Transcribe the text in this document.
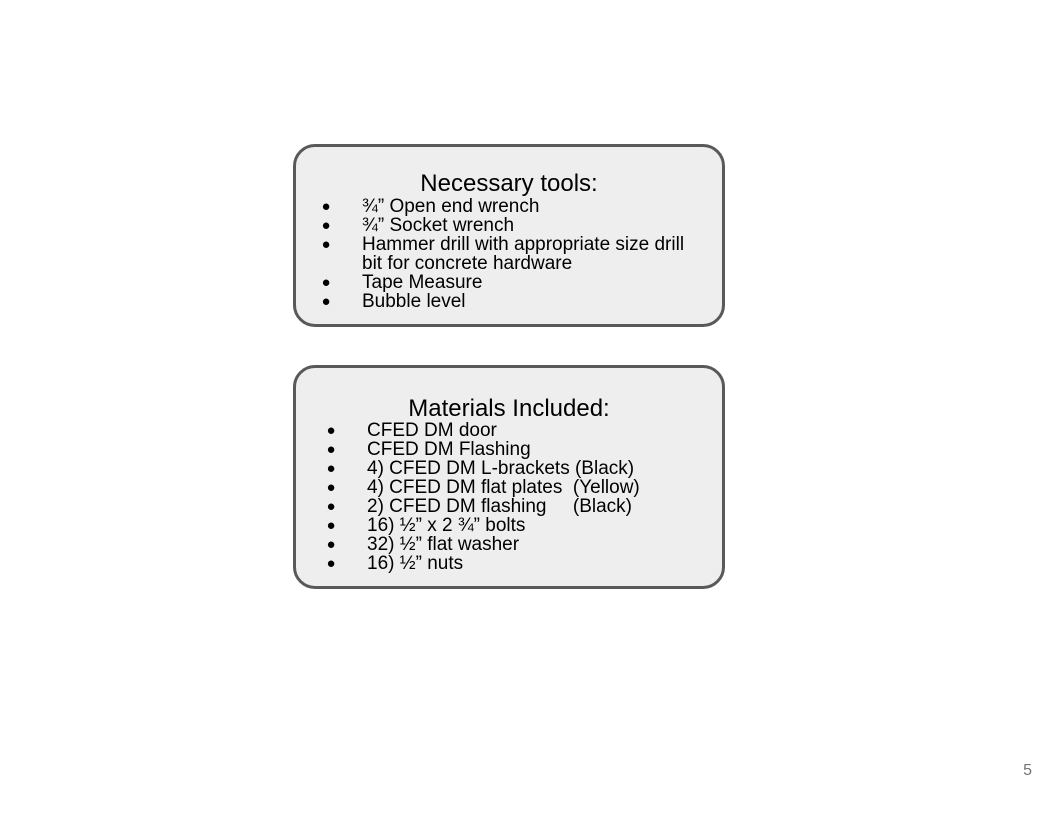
Necessary tools:
● ¾” Open end wrench
● ¾” Socket wrench
● Hammer drill with appropriate size drill bit for concrete hardware
● Tape Measure
● Bubble level
Materials Included:
● CFED DM door
● CFED DM Flashing
● 4) CFED DM L-brackets (Black)
● 4) CFED DM flat plates  (Yellow)
● 2) CFED DM flashing     (Black)
● 16) ½” x 2 ¾” bolts
● 32) ½” flat washer
● 16) ½” nuts
5
